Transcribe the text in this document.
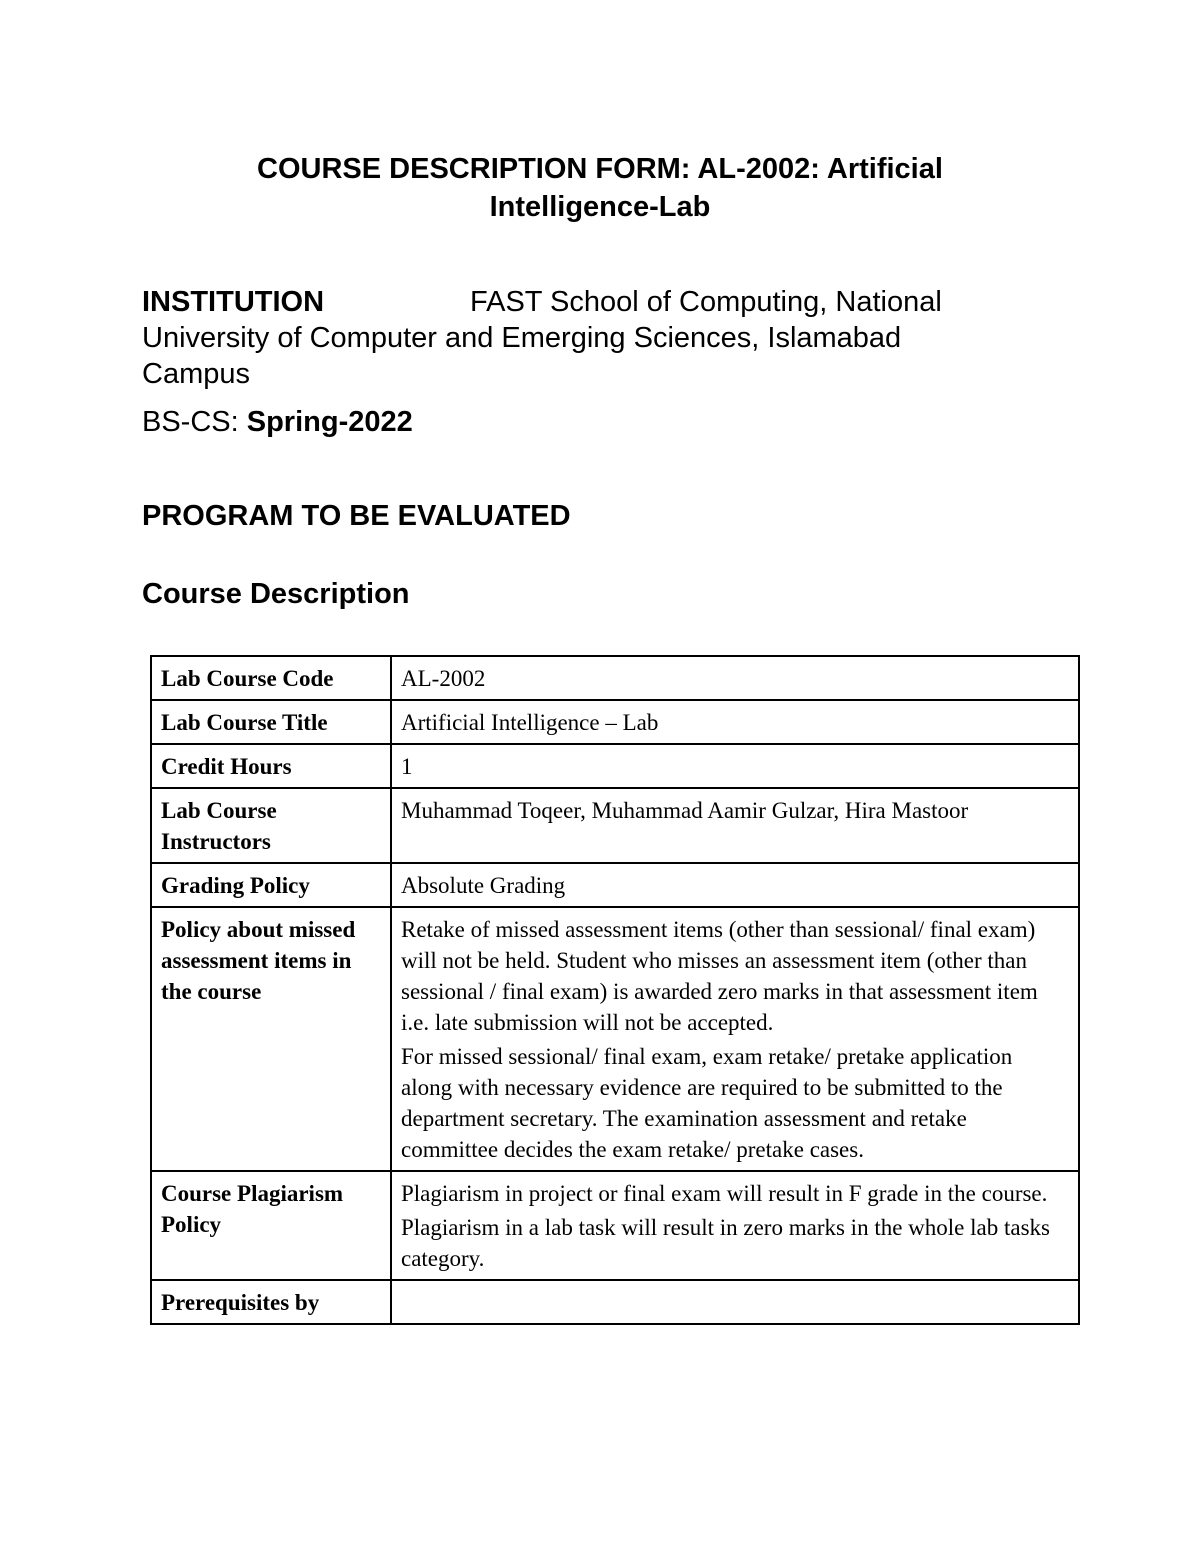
COURSE DESCRIPTION FORM: AL-2002: Artificial
Intelligence-Lab
INSTITUTION	FAST School of Computing, National
University of Computer and Emerging Sciences, Islamabad
Campus
BS-CS: Spring-2022
PROGRAM TO BE EVALUATED
Course Description
Lab Course Code	AL-2002

Lab Course Title	Artificial Intelligence – Lab

Credit Hours	1

Lab Course Instructors	Muhammad Toqeer, Muhammad Aamir Gulzar, Hira Mastoor

Grading Policy	Absolute Grading

Policy about missed assessment items in the course	Retake of missed assessment items (other than sessional/ final exam) will not be held. Student who misses an assessment item (other than sessional / final exam) is awarded zero marks in that assessment item i.e. late submission will not be accepted.

For missed sessional/ final exam, exam retake/ pretake application along with necessary evidence are required to be submitted to the department secretary. The examination assessment and retake committee decides the exam retake/ pretake cases.

Course Plagiarism Policy	Plagiarism in project or final exam will result in F grade in the course.

Plagiarism in a lab task will result in zero marks in the whole lab tasks category.

Prerequisites by	
